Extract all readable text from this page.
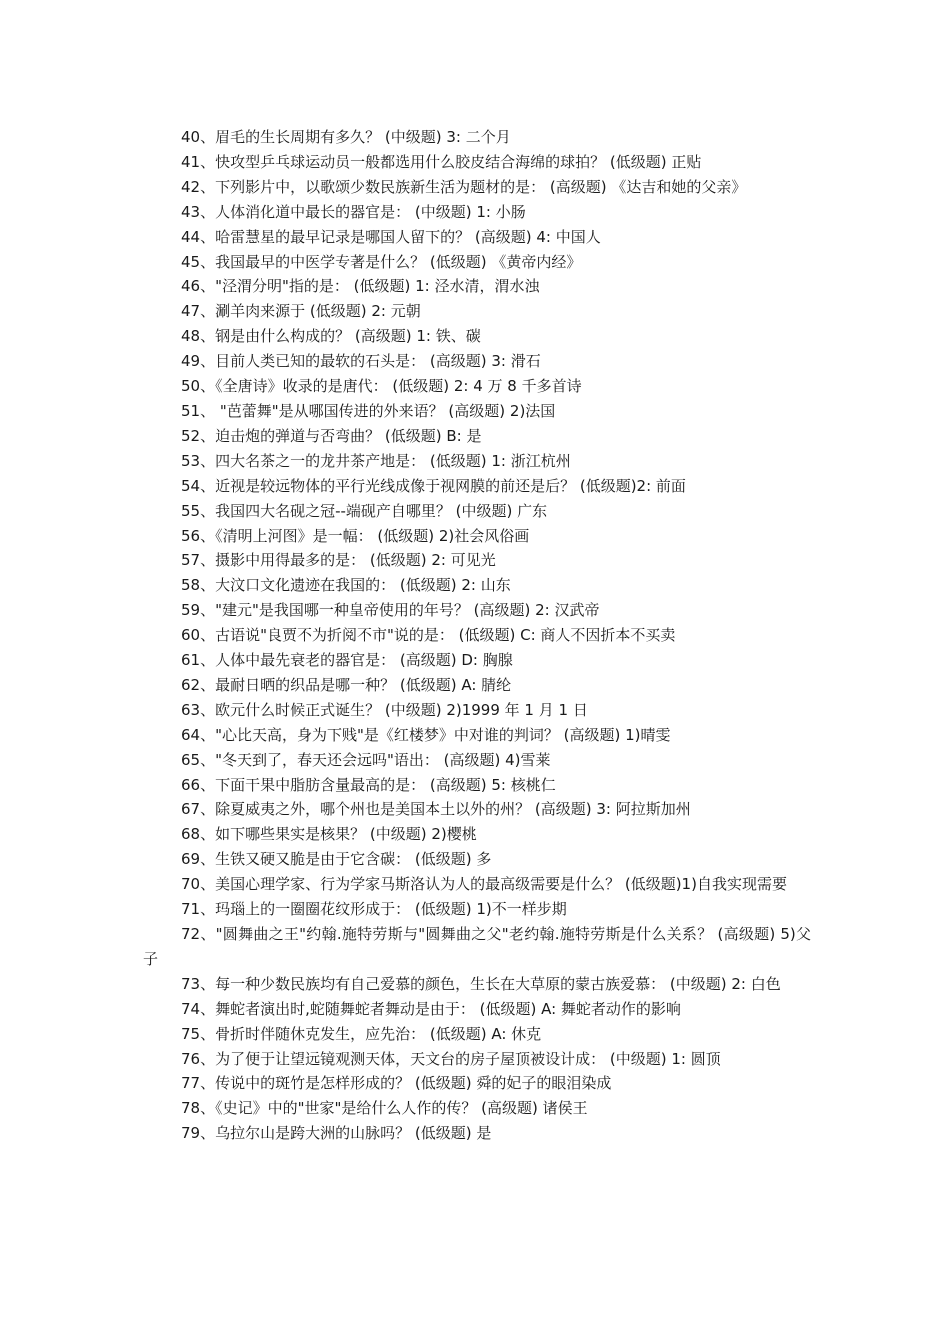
40、眉毛的生长周期有多久？ (中级题) 3: 二个月

41、快攻型乒乓球运动员一般都选用什么胶皮结合海绵的球拍？ (低级题) 正贴

42、下列影片中，以歌颂少数民族新生活为题材的是： (高级题) 《达吉和她的父亲》

43、人体消化道中最长的器官是： (中级题) 1: 小肠

44、哈雷慧星的最早记录是哪国人留下的？ (高级题) 4: 中国人

45、我国最早的中医学专著是什么？ (低级题) 《黄帝内经》

46、"泾渭分明"指的是： (低级题) 1: 泾水清，渭水浊

47、涮羊肉来源于 (低级题) 2: 元朝

48、钢是由什么构成的？ (高级题) 1: 铁、碳

49、目前人类已知的最软的石头是： (高级题) 3: 滑石

50、《全唐诗》收录的是唐代： (低级题) 2: 4 万 8 千多首诗

51、 "芭蕾舞"是从哪国传进的外来语？ (高级题) 2)法国

52、迫击炮的弹道与否弯曲？ (低级题) B: 是

53、四大名茶之一的龙井茶产地是： (低级题) 1: 浙江杭州

54、近视是较远物体的平行光线成像于视网膜的前还是后？ (低级题)2: 前面

55、我国四大名砚之冠--端砚产自哪里？ (中级题) 广东

56、《清明上河图》是一幅： (低级题) 2)社会风俗画

57、摄影中用得最多的是： (低级题) 2: 可见光

58、大汶口文化遗迹在我国的： (低级题) 2: 山东

59、"建元"是我国哪一种皇帝使用的年号？ (高级题) 2: 汉武帝

60、古语说"良贾不为折阅不市"说的是： (低级题) C: 商人不因折本不买卖

61、人体中最先衰老的器官是： (高级题) D: 胸腺

62、最耐日晒的织品是哪一种？ (低级题) A: 腈纶

63、欧元什么时候正式诞生？ (中级题) 2)1999 年 1 月 1 日

64、"心比天高，身为下贱"是《红楼梦》中对谁的判词？ (高级题) 1)晴雯

65、"冬天到了，春天还会远吗"语出： (高级题) 4)雪莱

66、下面干果中脂肪含量最高的是： (高级题) 5: 核桃仁

67、除夏威夷之外，哪个州也是美国本土以外的州？ (高级题) 3: 阿拉斯加州

68、如下哪些果实是核果？ (中级题) 2)樱桃

69、生铁又硬又脆是由于它含碳： (低级题) 多

70、美国心理学家、行为学家马斯洛认为人的最高级需要是什么？ (低级题)1)自我实现需要

71、玛瑙上的一圈圈花纹形成于： (低级题) 1)不一样步期

72、"圆舞曲之王"约翰.施特劳斯与"圆舞曲之父"老约翰.施特劳斯是什么关系？ (高级题) 5)父子

73、每一种少数民族均有自己爱慕的颜色，生长在大草原的蒙古族爱慕： (中级题) 2: 白色

74、舞蛇者演出时,蛇随舞蛇者舞动是由于： (低级题) A: 舞蛇者动作的影响

75、骨折时伴随休克发生，应先治： (低级题) A: 休克

76、为了便于让望远镜观测天体，天文台的房子屋顶被设计成： (中级题) 1: 圆顶

77、传说中的斑竹是怎样形成的？ (低级题) 舜的妃子的眼泪染成

78、《史记》中的"世家"是给什么人作的传？ (高级题) 诸侯王

79、乌拉尔山是跨大洲的山脉吗？ (低级题) 是
